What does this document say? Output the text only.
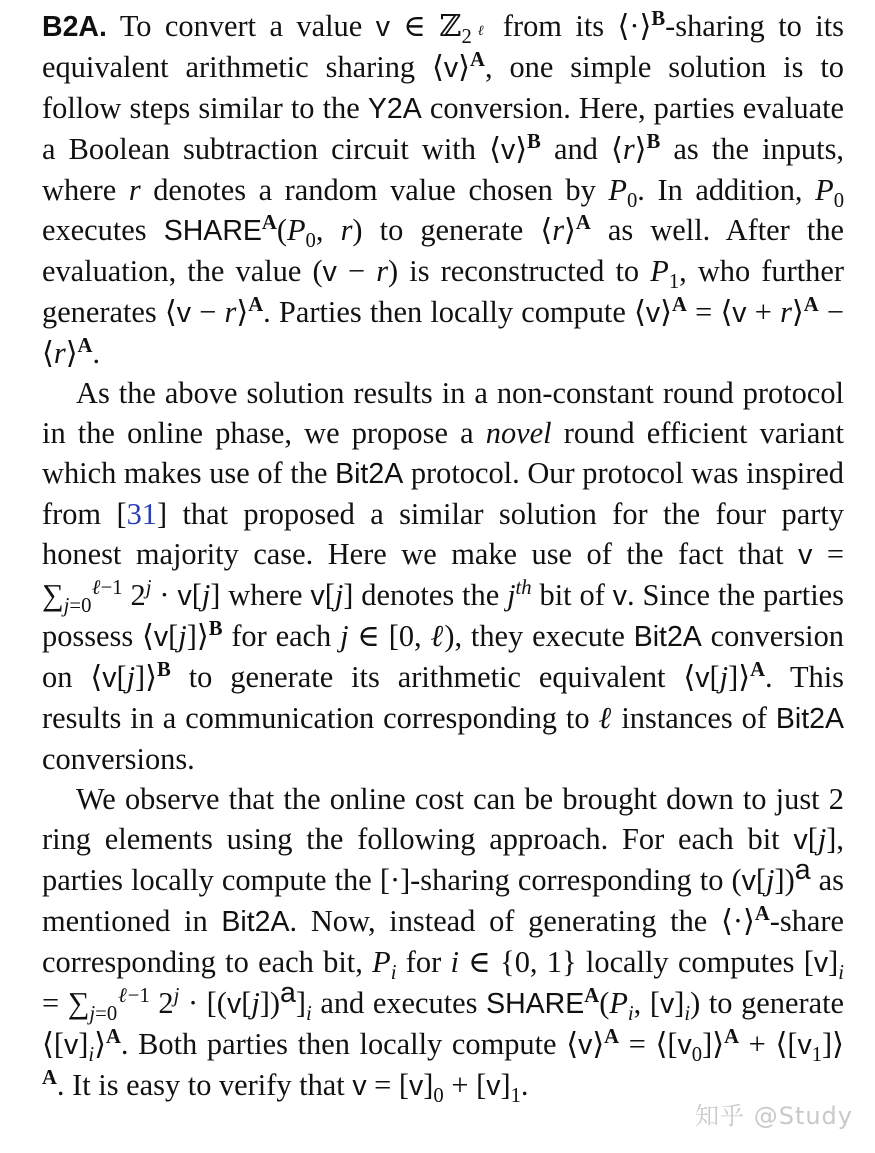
B2A. To convert a value v ∈ ℤ$_{2^\ell}$ from its ⟨·⟩$^B$-sharing to its equivalent arithmetic sharing ⟨v⟩$^A$, one simple solution is to follow steps similar to the Y2A conversion. Here, parties evaluate a Boolean subtraction circuit with ⟨v⟩$^B$ and ⟨r⟩$^B$ as the inputs, where r denotes a random value chosen by $P_0$. In addition, $P_0$ executes $SHARE^A(P_0$, r) to generate ⟨r⟩$^A$ as well. After the evaluation, the value (v − r) is reconstructed to $P_1$, who further generates ⟨v − r⟩$^A$. Parties then locally compute ⟨v⟩$^A$ = ⟨v + r⟩$^A$ − ⟨r⟩$^A$.

As the above solution results in a non-constant round protocol in the online phase, we propose a novel round efficient variant which makes use of the Bit2A protocol. Our protocol was inspired from [31] that proposed a similar solution for the four party honest majority case. Here we make use of the fact that $v = \sum_{j=0}^{\ell-1}$ $2^j \cdot v[j]$ where v[j] denotes the $j^{th}$ bit of v. Since the parties possess ⟨v[j]⟩$^B$ for each j ∈ [0, ℓ), they execute Bit2A conversion on ⟨v[j]⟩$^B$ to generate its arithmetic equivalent ⟨v[j]⟩$^A$. This results in a communication corresponding to ℓ instances of Bit2A conversions.

We observe that the online cost can be brought down to just 2 ring elements using the following approach. For each bit v[j], parties locally compute the [·]-sharing corresponding to $(v[j])^a$ as mentioned in Bit2A. Now, instead of generating the ⟨·⟩$^A$-share corresponding to each bit, $P_i$ for i ∈ {0, 1} locally computes $[v]_i = \sum_{j=0}^{\ell-1}$ $2^j \cdot [(v[j])^a]_i$ and executes $SHARE^A(P_i$, $[v]_i$) to generate $⟨[v]_i⟩^A$. Both parties then locally compute ⟨v⟩$^A$ = $⟨[v_0]⟩^A$ + $⟨[v_1]⟩^A$. It is easy to verify that $v = [v]_0 + [v]_1$.

知乎 @Study
